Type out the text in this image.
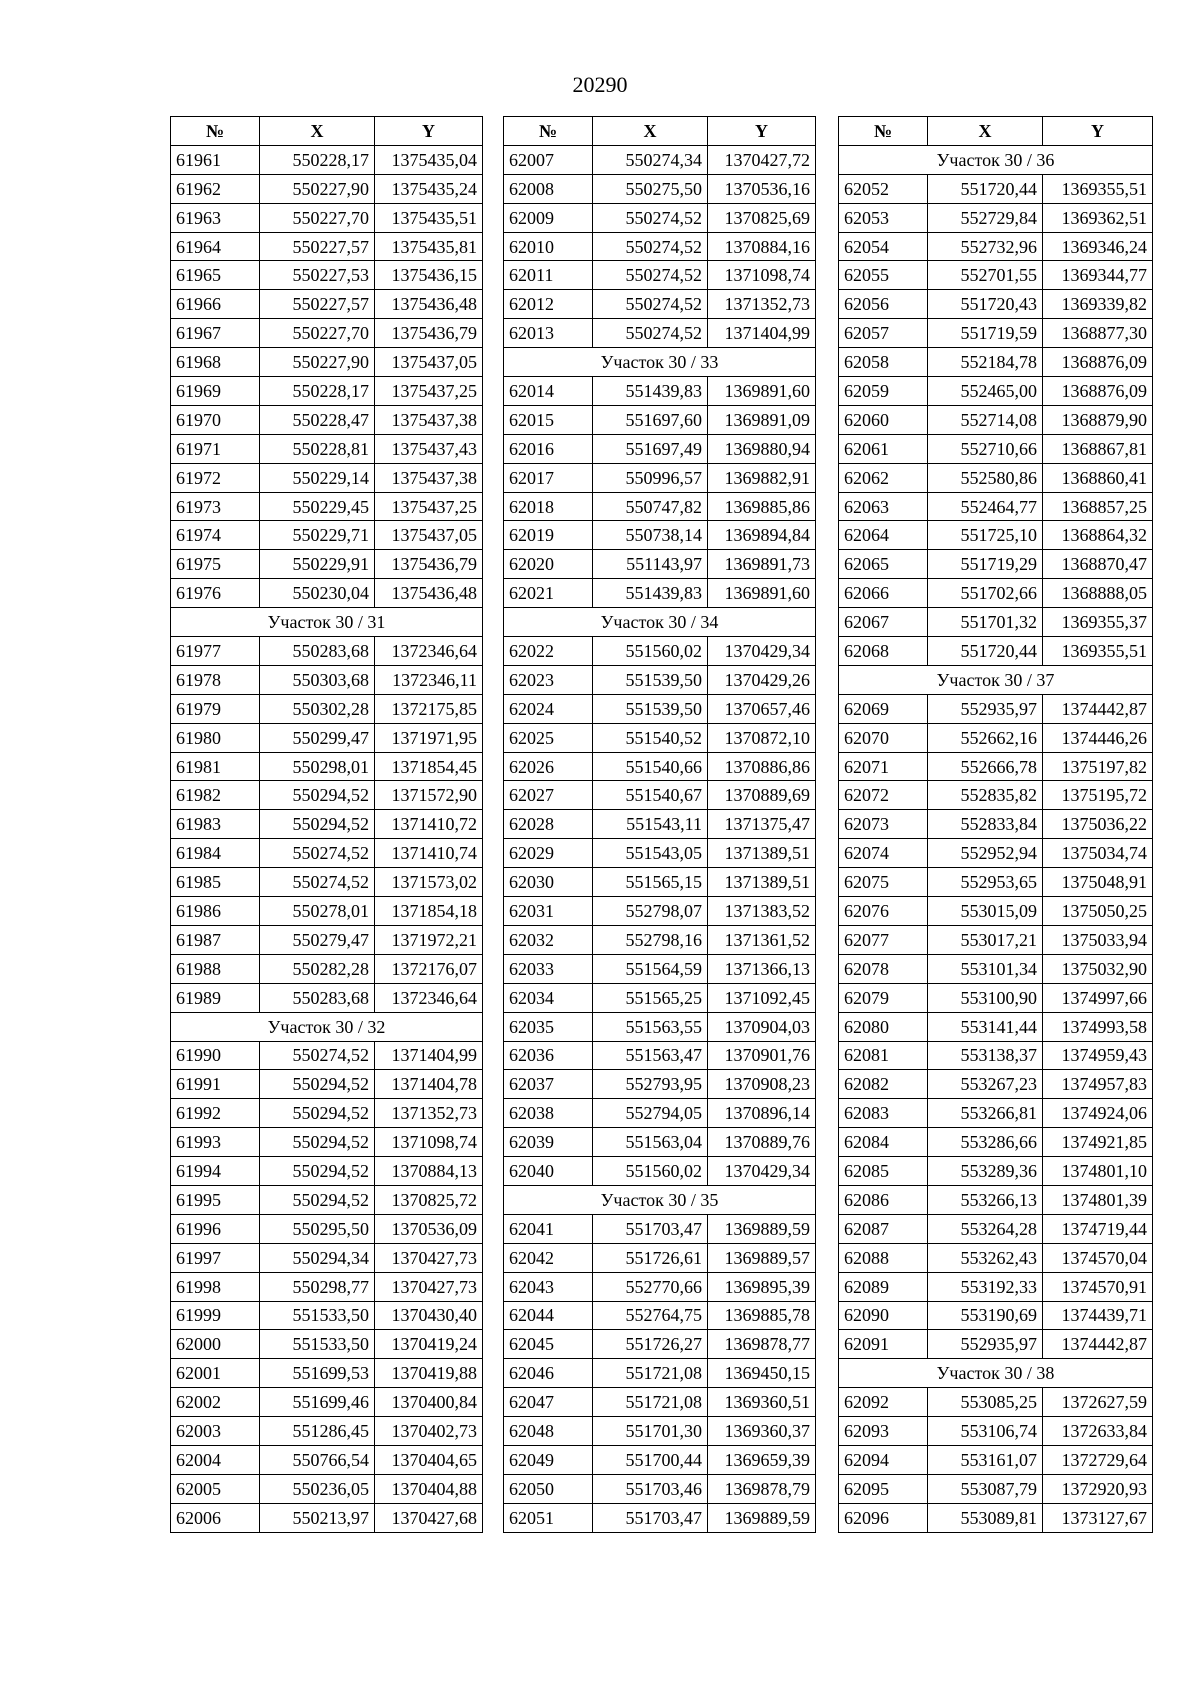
20290
№	X	Y
61961	550228,17	1375435,04
61962	550227,90	1375435,24
61963	550227,70	1375435,51
61964	550227,57	1375435,81
61965	550227,53	1375436,15
61966	550227,57	1375436,48
61967	550227,70	1375436,79
61968	550227,90	1375437,05
61969	550228,17	1375437,25
61970	550228,47	1375437,38
61971	550228,81	1375437,43
61972	550229,14	1375437,38
61973	550229,45	1375437,25
61974	550229,71	1375437,05
61975	550229,91	1375436,79
61976	550230,04	1375436,48
Участок 30 / 31		
61977	550283,68	1372346,64
61978	550303,68	1372346,11
61979	550302,28	1372175,85
61980	550299,47	1371971,95
61981	550298,01	1371854,45
61982	550294,52	1371572,90
61983	550294,52	1371410,72
61984	550274,52	1371410,74
61985	550274,52	1371573,02
61986	550278,01	1371854,18
61987	550279,47	1371972,21
61988	550282,28	1372176,07
61989	550283,68	1372346,64
Участок 30 / 32		
61990	550274,52	1371404,99
61991	550294,52	1371404,78
61992	550294,52	1371352,73
61993	550294,52	1371098,74
61994	550294,52	1370884,13
61995	550294,52	1370825,72
61996	550295,50	1370536,09
61997	550294,34	1370427,73
61998	550298,77	1370427,73
61999	551533,50	1370430,40
62000	551533,50	1370419,24
62001	551699,53	1370419,88
62002	551699,46	1370400,84
62003	551286,45	1370402,73
62004	550766,54	1370404,65
62005	550236,05	1370404,88
62006	550213,97	1370427,68
№	X	Y
62007	550274,34	1370427,72
62008	550275,50	1370536,16
62009	550274,52	1370825,69
62010	550274,52	1370884,16
62011	550274,52	1371098,74
62012	550274,52	1371352,73
62013	550274,52	1371404,99
Участок 30 / 33		
62014	551439,83	1369891,60
62015	551697,60	1369891,09
62016	551697,49	1369880,94
62017	550996,57	1369882,91
62018	550747,82	1369885,86
62019	550738,14	1369894,84
62020	551143,97	1369891,73
62021	551439,83	1369891,60
Участок 30 / 34		
62022	551560,02	1370429,34
62023	551539,50	1370429,26
62024	551539,50	1370657,46
62025	551540,52	1370872,10
62026	551540,66	1370886,86
62027	551540,67	1370889,69
62028	551543,11	1371375,47
62029	551543,05	1371389,51
62030	551565,15	1371389,51
62031	552798,07	1371383,52
62032	552798,16	1371361,52
62033	551564,59	1371366,13
62034	551565,25	1371092,45
62035	551563,55	1370904,03
62036	551563,47	1370901,76
62037	552793,95	1370908,23
62038	552794,05	1370896,14
62039	551563,04	1370889,76
62040	551560,02	1370429,34
Участок 30 / 35		
62041	551703,47	1369889,59
62042	551726,61	1369889,57
62043	552770,66	1369895,39
62044	552764,75	1369885,78
62045	551726,27	1369878,77
62046	551721,08	1369450,15
62047	551721,08	1369360,51
62048	551701,30	1369360,37
62049	551700,44	1369659,39
62050	551703,46	1369878,79
62051	551703,47	1369889,59
№	X	Y
Участок 30 / 36		
62052	551720,44	1369355,51
62053	552729,84	1369362,51
62054	552732,96	1369346,24
62055	552701,55	1369344,77
62056	551720,43	1369339,82
62057	551719,59	1368877,30
62058	552184,78	1368876,09
62059	552465,00	1368876,09
62060	552714,08	1368879,90
62061	552710,66	1368867,81
62062	552580,86	1368860,41
62063	552464,77	1368857,25
62064	551725,10	1368864,32
62065	551719,29	1368870,47
62066	551702,66	1368888,05
62067	551701,32	1369355,37
62068	551720,44	1369355,51
Участок 30 / 37		
62069	552935,97	1374442,87
62070	552662,16	1374446,26
62071	552666,78	1375197,82
62072	552835,82	1375195,72
62073	552833,84	1375036,22
62074	552952,94	1375034,74
62075	552953,65	1375048,91
62076	553015,09	1375050,25
62077	553017,21	1375033,94
62078	553101,34	1375032,90
62079	553100,90	1374997,66
62080	553141,44	1374993,58
62081	553138,37	1374959,43
62082	553267,23	1374957,83
62083	553266,81	1374924,06
62084	553286,66	1374921,85
62085	553289,36	1374801,10
62086	553266,13	1374801,39
62087	553264,28	1374719,44
62088	553262,43	1374570,04
62089	553192,33	1374570,91
62090	553190,69	1374439,71
62091	552935,97	1374442,87
Участок 30 / 38		
62092	553085,25	1372627,59
62093	553106,74	1372633,84
62094	553161,07	1372729,64
62095	553087,79	1372920,93
62096	553089,81	1373127,67
